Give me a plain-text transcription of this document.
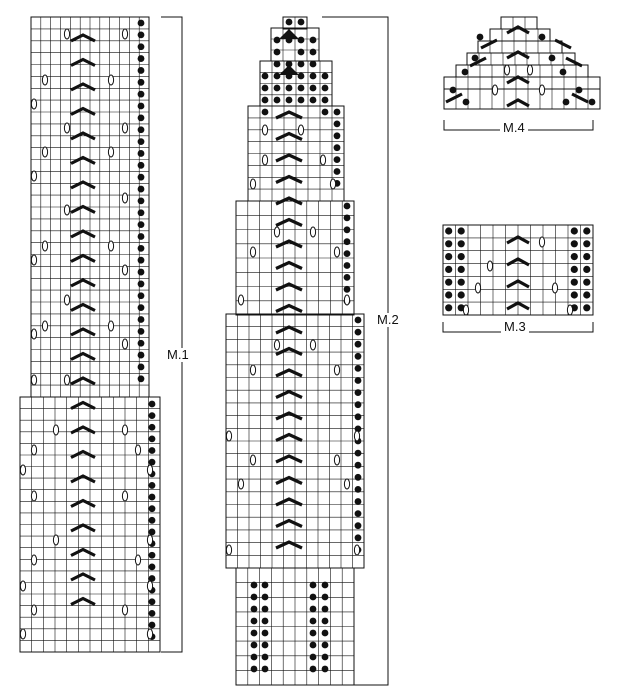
M.1
M.2	M.3
M.4
